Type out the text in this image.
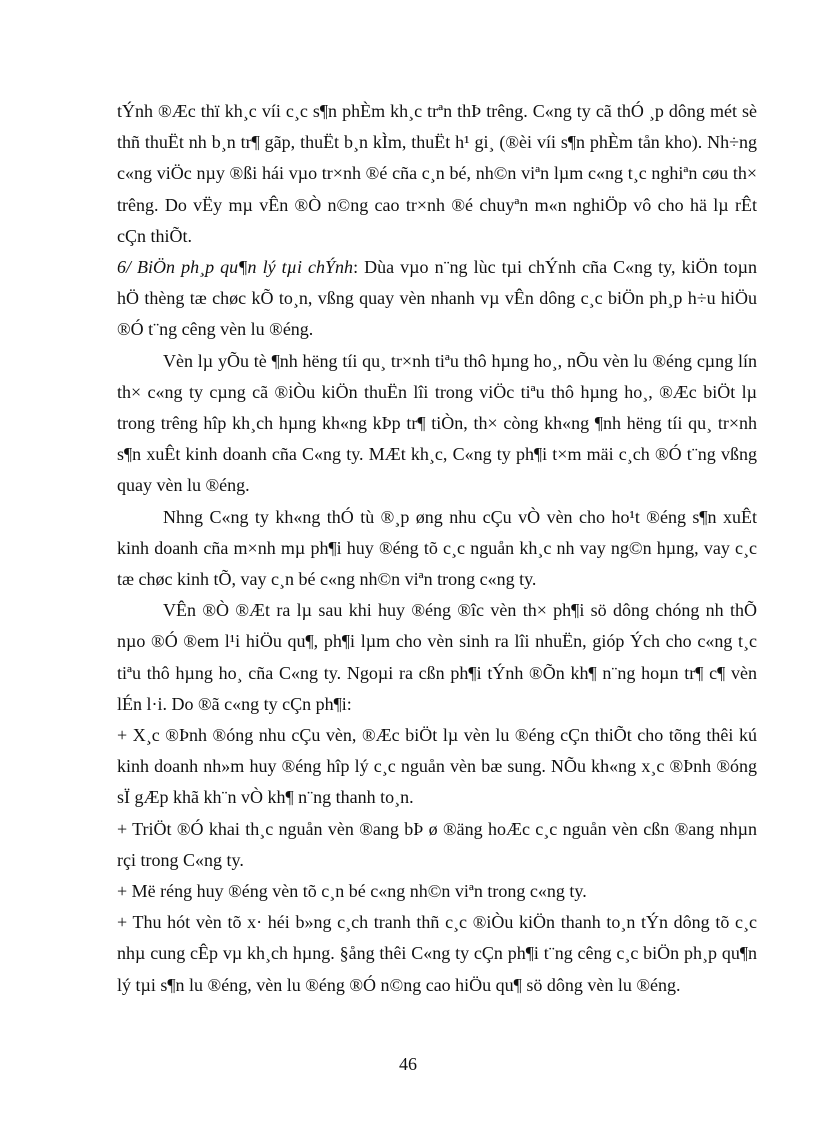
tÝnh ®Æc thï kh¸c víi c¸c s¶n phÈm kh¸c trªn thÞ trêng. C«ng ty cã thÓ ¸p dông mét sè thñ thuËt nh b¸n tr¶ gãp, thuËt b¸n kÌm, thuËt h¹ gi¸ (®èi víi s¶n phÈm tån kho). Nh÷ng c«ng viÖc nµy ®ßi hái vµo tr×nh ®é cña c¸n bé, nh©n viªn lµm c«ng t¸c nghiªn cøu th× trêng. Do vËy mµ vÊn ®Ò n©ng cao tr×nh ®é chuyªn m«n nghiÖp vô cho hä lµ rÊt cÇn thiÕt.

6/ BiÖn ph¸p qu¶n lý tµi chÝnh: Dùa vµo n¨ng lùc tµi chÝnh cña C«ng ty, kiÖn toµn hÖ thèng tæ chøc kÕ to¸n, vßng quay vèn nhanh vµ vÊn dông c¸c biÖn ph¸p h÷u hiÖu ®Ó t¨ng cêng vèn lu ®éng.

Vèn lµ yÕu tè ¶nh hëng tíi qu¸ tr×nh tiªu thô hµng ho¸, nÕu vèn lu ®éng cµng lín th× c«ng ty cµng cã ®iÒu kiÖn thuËn lîi trong viÖc tiªu thô hµng ho¸, ®Æc biÖt lµ trong trêng hîp kh¸ch hµng kh«ng kÞp tr¶ tiÒn, th× còng kh«ng ¶nh hëng tíi qu¸ tr×nh s¶n xuÊt kinh doanh cña C«ng ty. MÆt kh¸c, C«ng ty ph¶i t×m mäi c¸ch ®Ó t¨ng vßng quay vèn lu ®éng.

Nhng C«ng ty kh«ng thÓ tù ®¸p øng nhu cÇu vÒ vèn cho ho¹t ®éng s¶n xuÊt kinh doanh cña m×nh mµ ph¶i huy ®éng tõ c¸c nguån kh¸c nh vay ng©n hµng, vay c¸c tæ chøc kinh tÕ, vay c¸n bé c«ng nh©n viªn trong c«ng ty.

VÊn ®Ò ®Æt ra lµ sau khi huy ®éng ®îc vèn th× ph¶i sö dông chóng nh thÕ nµo ®Ó ®em l¹i hiÖu qu¶, ph¶i lµm cho vèn sinh ra lîi nhuËn, gióp Ých cho c«ng t¸c tiªu thô hµng ho¸ cña C«ng ty. Ngoµi ra cßn ph¶i tÝnh ®Õn kh¶ n¨ng hoµn tr¶ c¶ vèn lÉn l·i. Do ®ã c«ng ty cÇn ph¶i:

+ X¸c ®Þnh ®óng nhu cÇu vèn, ®Æc biÖt lµ vèn lu ®éng cÇn thiÕt cho tõng thêi kú kinh doanh nh»m huy ®éng hîp lý c¸c nguån vèn bæ sung. NÕu kh«ng x¸c ®Þnh ®óng sÏ gÆp khã kh¨n vÒ kh¶ n¨ng thanh to¸n.

+ TriÖt ®Ó khai th¸c nguån vèn ®ang bÞ ø ®äng hoÆc c¸c nguån vèn cßn ®ang nhµn rçi trong C«ng ty.

+ Më réng huy ®éng vèn tõ c¸n bé c«ng nh©n viªn trong c«ng ty.

+ Thu hót vèn tõ x· héi b»ng c¸ch tranh thñ c¸c ®iÒu kiÖn thanh to¸n tÝn dông tõ c¸c nhµ cung cÊp vµ kh¸ch hµng. §ång thêi C«ng ty cÇn ph¶i t¨ng cêng c¸c biÖn ph¸p qu¶n lý tµi s¶n lu ®éng, vèn lu ®éng ®Ó n©ng cao hiÖu qu¶ sö dông vèn lu ®éng.

46
